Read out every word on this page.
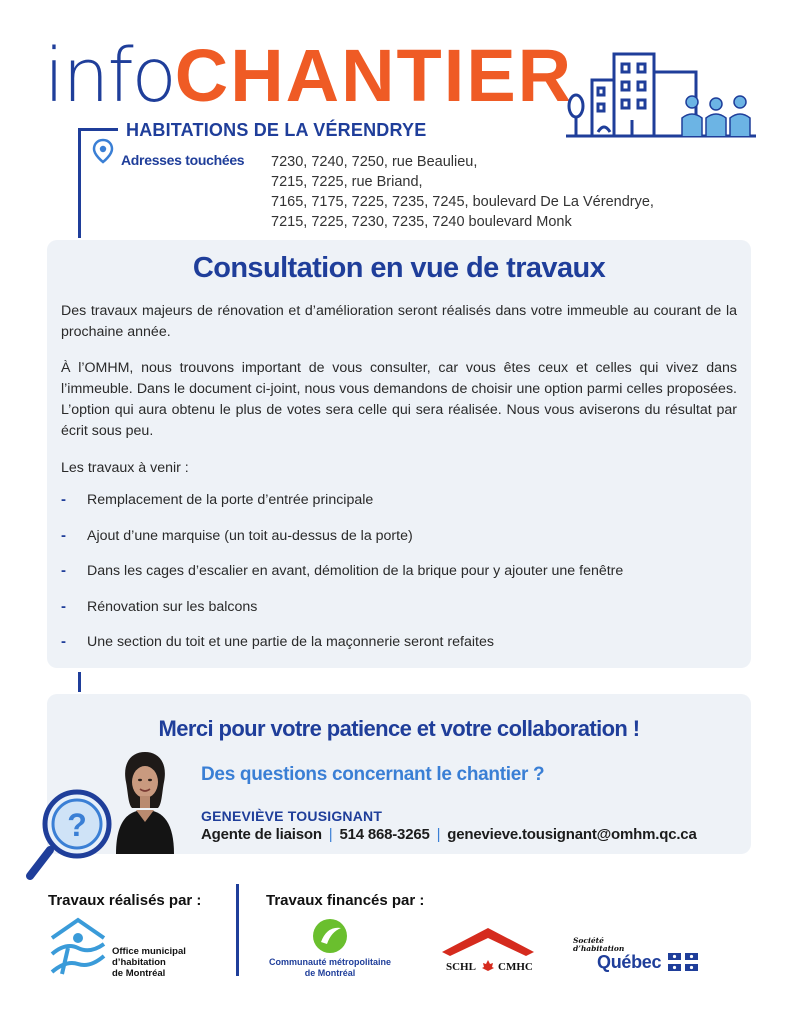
infoCHANTIER
HABITATIONS DE LA VÉRENDRYE
Adresses touchées 7230, 7240, 7250, rue Beaulieu,
7215, 7225, rue Briand,
7165, 7175, 7225, 7235, 7245, boulevard De La Vérendrye,
7215, 7225, 7230, 7235, 7240 boulevard Monk
Consultation en vue de travaux

Des travaux majeurs de rénovation et d’amélioration seront réalisés dans votre immeuble au courant de la prochaine année.

À l’OMHM, nous trouvons important de vous consulter, car vous êtes ceux et celles qui vivez dans l’immeuble. Dans le document ci-joint, nous vous demandons de choisir une option parmi celles proposées. L’option qui aura obtenu le plus de votes sera celle qui sera réalisée. Nous vous aviserons du résultat par écrit sous peu.

Les travaux à venir :

- Remplacement de la porte d’entrée principale
- Ajout d’une marquise (un toit au-dessus de la porte)
- Dans les cages d’escalier en avant, démolition de la brique pour y ajouter une fenêtre
- Rénovation sur les balcons
- Une section du toit et une partie de la maçonnerie seront refaites
Merci pour votre patience et votre collaboration !
Des questions concernant le chantier ?
GENEVIÈVE TOUSIGNANT
Agente de liaison | 514 868-3265 | genevieve.tousignant@omhm.qc.ca
?
Travaux réalisés par :	Travaux financés par :
Office municipal
d’habitation
de Montréal
Communauté métropolitaine
de Montréal	SCHL CMHC
Société
d’habitation
Québec
